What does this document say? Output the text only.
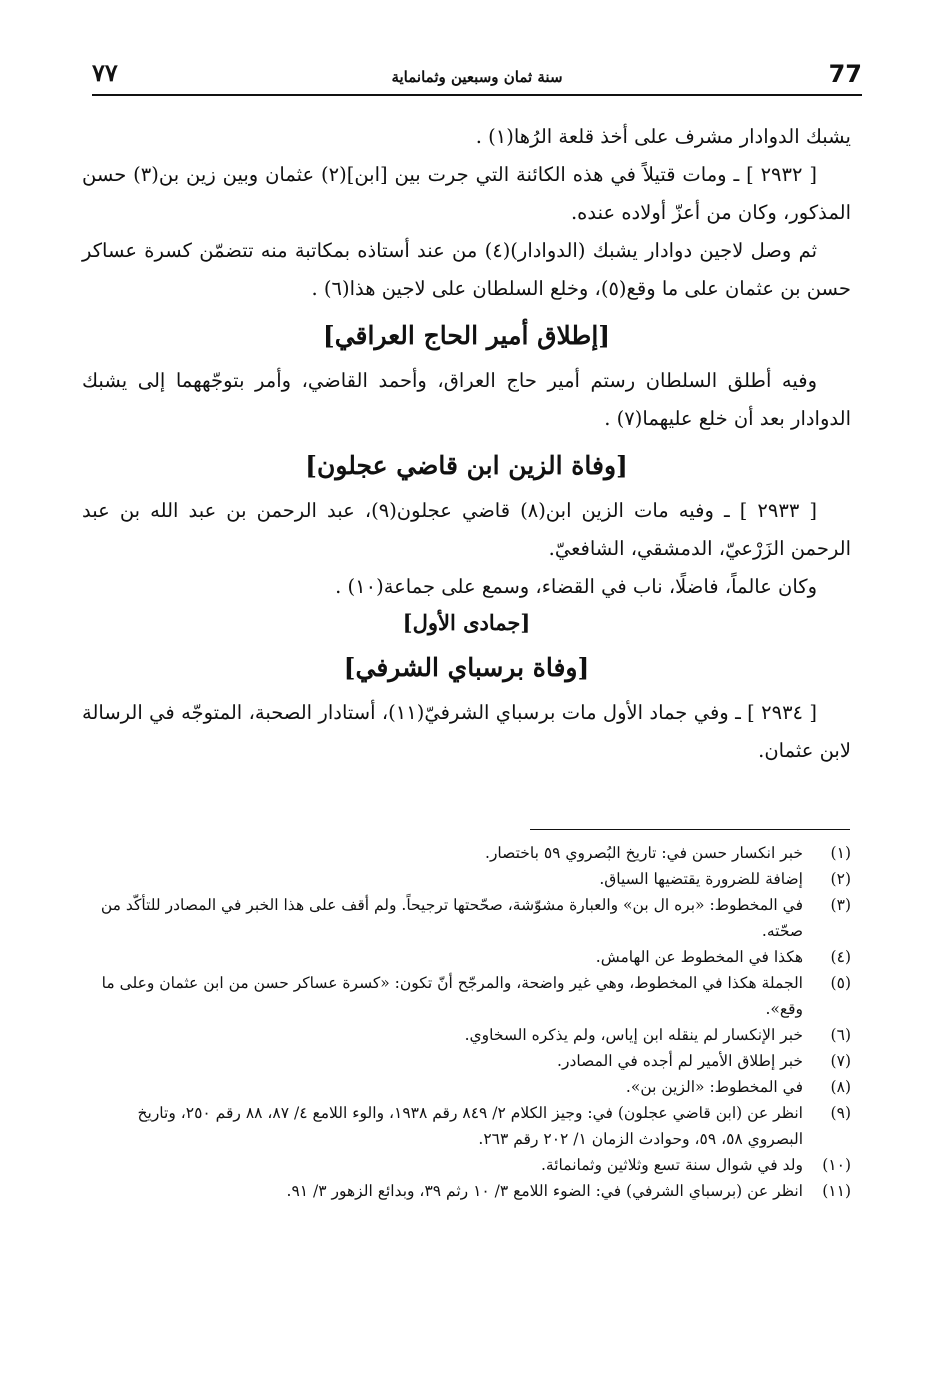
٧٧	سنة ثمان وسبعين وثمانماية	77

يشبك الدوادار مشرف على أخذ قلعة الرُها(١) .

[ ٢٩٣٢ ] ـ ومات قتيلاً في هذه الكائنة التي جرت بين [ابن](٢) عثمان وبين زين بن(٣) حسن المذكور، وكان من أعزّ أولاده عنده.

ثم وصل لاجين دوادار يشبك (الدوادار)(٤) من عند أستاذه بمكاتبة منه تتضمّن كسرة عساكر حسن بن عثمان على ما وقع(٥)، وخلع السلطان على لاجين هذا(٦) .

[إطلاق أمير الحاج العراقي]

وفيه أطلق السلطان رستم أمير حاج العراق، وأحمد القاضي، وأمر بتوجّههما إلى يشبك الدوادار بعد أن خلع عليهما(٧) .

[وفاة الزين ابن قاضي عجلون]

[ ٢٩٣٣ ] ـ وفيه مات الزين ابن(٨) قاضي عجلون(٩)، عبد الرحمن بن عبد الله بن عبد الرحمن الزَرْعيّ، الدمشقي، الشافعيّ.

وكان عالماً، فاضلًا، ناب في القضاء، وسمع على جماعة(١٠) .

[جمادى الأول]
[وفاة برسباي الشرفي]

[ ٢٩٣٤ ] ـ وفي جماد الأول مات برسباي الشرفيّ(١١)، أستادار الصحبة، المتوجّه في الرسالة لابن عثمان.

(١)
خبر انكسار حسن في: تاريخ البُصروي ٥٩ باختصار.
(٢)
إضافة للضرورة يقتضيها السياق.
(٣)
في المخطوط: «بره ال بن» والعبارة مشوّشة، صحّحتها ترجيحاً. ولم أقف على هذا الخبر في المصادر للتأكّد من صحّته.
(٤)
هكذا في المخطوط عن الهامش.
(٥)
الجملة هكذا في المخطوط، وهي غير واضحة، والمرجّح أنّ تكون: «كسرة عساكر حسن من ابن عثمان وعلى ما وقع».
(٦)
خبر الإنكسار لم ينقله ابن إياس، ولم يذكره السخاوي.
(٧)
خبر إطلاق الأمير لم أجده في المصادر.
(٨)
في المخطوط: «الزين بن».
(٩)
انظر عن (ابن قاضي عجلون) في: وجيز الكلام ٢/ ٨٤٩ رقم ١٩٣٨، والوء اللامع ٤/ ٨٧، ٨٨ رقم ٢٥٠، وتاريخ البصروي ٥٨، ٥٩، وحوادث الزمان ١/ ٢٠٢ رقم ٢٦٣.
(١٠)
ولد في شوال سنة تسع وثلاثين وثمانمائة.
(١١)
انظر عن (برسباي الشرفي) في: الضوء اللامع ٣/ ١٠ رثم ٣٩، وبدائع الزهور ٣/ ٩١.
